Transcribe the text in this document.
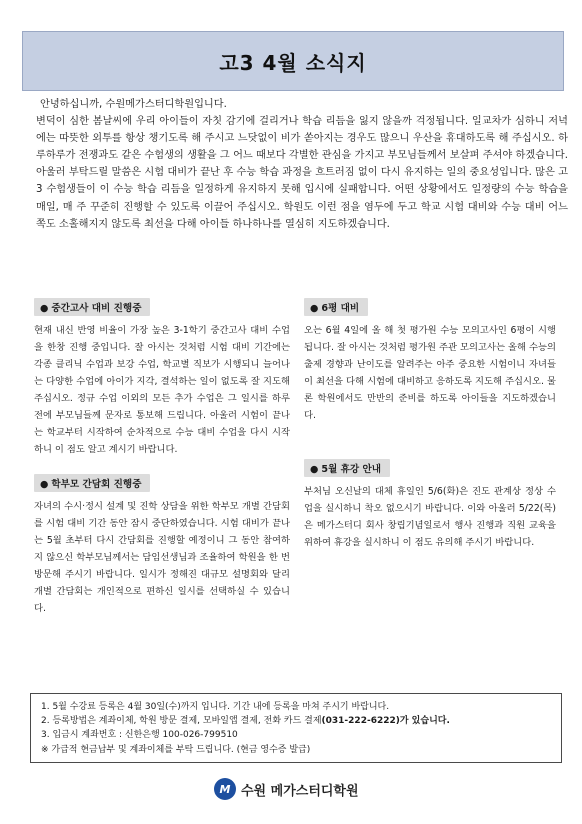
고3 4월 소식지

안녕하십니까, 수원메가스터디학원입니다.
변덕이 심한 봄날씨에 우리 아이들이 자칫 감기에 걸리거나 학습 리듬을 잃지 않을까 걱정됩니다. 일교차가 심하니 저녁에는 따뜻한 외투를 항상 챙기도록 해 주시고 느닷없이 비가 쏟아지는 경우도 많으니 우산을 휴대하도록 해 주십시오. 하루하루가 전쟁과도 같은 수험생의 생활을 그 어느 때보다 각별한 관심을 가지고 부모님들께서 보살펴 주셔야 하겠습니다. 아울러 부탁드릴 말씀은 시험 대비가 끝난 후 수능 학습 과정을 흐트러짐 없이 다시 유지하는 일의 중요성입니다. 많은 고3 수험생들이 이 수능 학습 리듬을 일정하게 유지하지 못해 입시에 실패합니다. 어떤 상황에서도 일정량의 수능 학습을 매일, 매 주 꾸준히 진행할 수 있도록 이끌어 주십시오. 학원도 이런 점을 염두에 두고 학교 시험 대비와 수능 대비 어느 쪽도 소홀해지지 않도록 최선을 다해 아이들 하나하나를 열심히 지도하겠습니다.

● 중간고사 대비 진행중

현재 내신 반영 비율이 가장 높은 3-1학기 중간고사 대비 수업을 한창 진행 중입니다. 잘 아시는 것처럼 시험 대비 기간에는 각종 클리닉 수업과 보강 수업, 학교별 직보가 시행되니 늘어나는 다양한 수업에 아이가 지각, 결석하는 일이 없도록 잘 지도해 주십시오. 정규 수업 이외의 모든 추가 수업은 그 일시를 하루 전에 부모님들께 문자로 통보해 드립니다. 아울러 시험이 끝나는 학교부터 시작하여 순차적으로 수능 대비 수업을 다시 시작하니 이 점도 알고 계시기 바랍니다.

● 학부모 간담회 진행중

자녀의 수시·정시 설계 및 진학 상담을 위한 학부모 개별 간담회를 시험 대비 기간 동안 잠시 중단하였습니다. 시험 대비가 끝나는 5월 초부터 다시 간담회를 진행할 예정이니 그 동안 참여하지 않으신 학부모님께서는 담임선생님과 조율하여 학원을 한 번 방문해 주시기 바랍니다. 일시가 정해진 대규모 설명회와 달리 개별 간담회는 개인적으로 편하신 일시를 선택하실 수 있습니다.

● 6평 대비

오는 6월 4일에 올 해 첫 평가원 수능 모의고사인 6평이 시행됩니다. 잘 아시는 것처럼 평가원 주관 모의고사는 올해 수능의 출제 경향과 난이도를 알려주는 아주 중요한 시험이니 자녀들이 최선을 다해 시험에 대비하고 응하도록 지도해 주십시오. 물론 학원에서도 만반의 준비를 하도록 아이들을 지도하겠습니다.

● 5월 휴강 안내

부처님 오신날의 대체 휴일인 5/6(화)은 진도 관계상 정상 수업을 실시하니 착오 없으시기 바랍니다. 이와 아울러 5/22(목)은 메가스터디 회사 창립기념일로서 행사 진행과 직원 교육을 위하여 휴강을 실시하니 이 점도 유의해 주시기 바랍니다.

1. 5월 수강료 등록은 4월 30일(수)까지 입니다. 기간 내에 등록을 마쳐 주시기 바랍니다.

2. 등록방법은 계좌이체, 학원 방문 결제, 모바일앱 결제, 전화 카드 결제(031-222-6222)가 있습니다.

3. 입금시 계좌번호 : 신한은행 100-026-799510

※ 가급적 현금납부 및 계좌이체를 부탁 드립니다. (현금 영수증 발급)

M 수원 메가스터디학원
